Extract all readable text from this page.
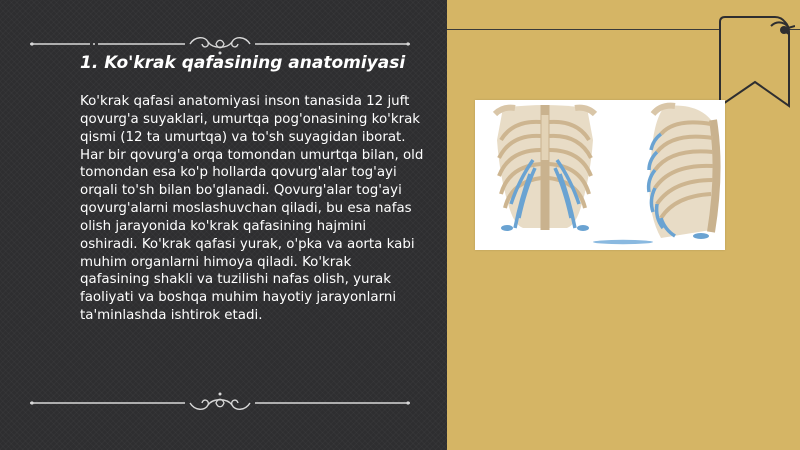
1. Ko'krak qafasining anatomiyasi

Ko'krak qafasi anatomiyasi inson tanasida 12 juft qovurg'a suyaklari, umurtqa pog'onasining ko'krak qismi (12 ta umurtqa) va to'sh suyagidan iborat. Har bir qovurg'a orqa tomondan umurtqa bilan, old tomondan esa ko'p hollarda qovurg'alar tog'ayi orqali to'sh bilan bo'glanadi. Qovurg'alar tog'ayi qovurg'alarni moslashuvchan qiladi, bu esa nafas olish jarayonida ko'krak qafasining hajmini oshiradi. Ko'krak qafasi yurak, o'pka va aorta kabi muhim organlarni himoya qiladi. Ko'krak qafasining shakli va tuzilishi nafas olish, yurak faoliyati va boshqa muhim hayotiy jarayonlarni ta'minlashda ishtirok etadi.
